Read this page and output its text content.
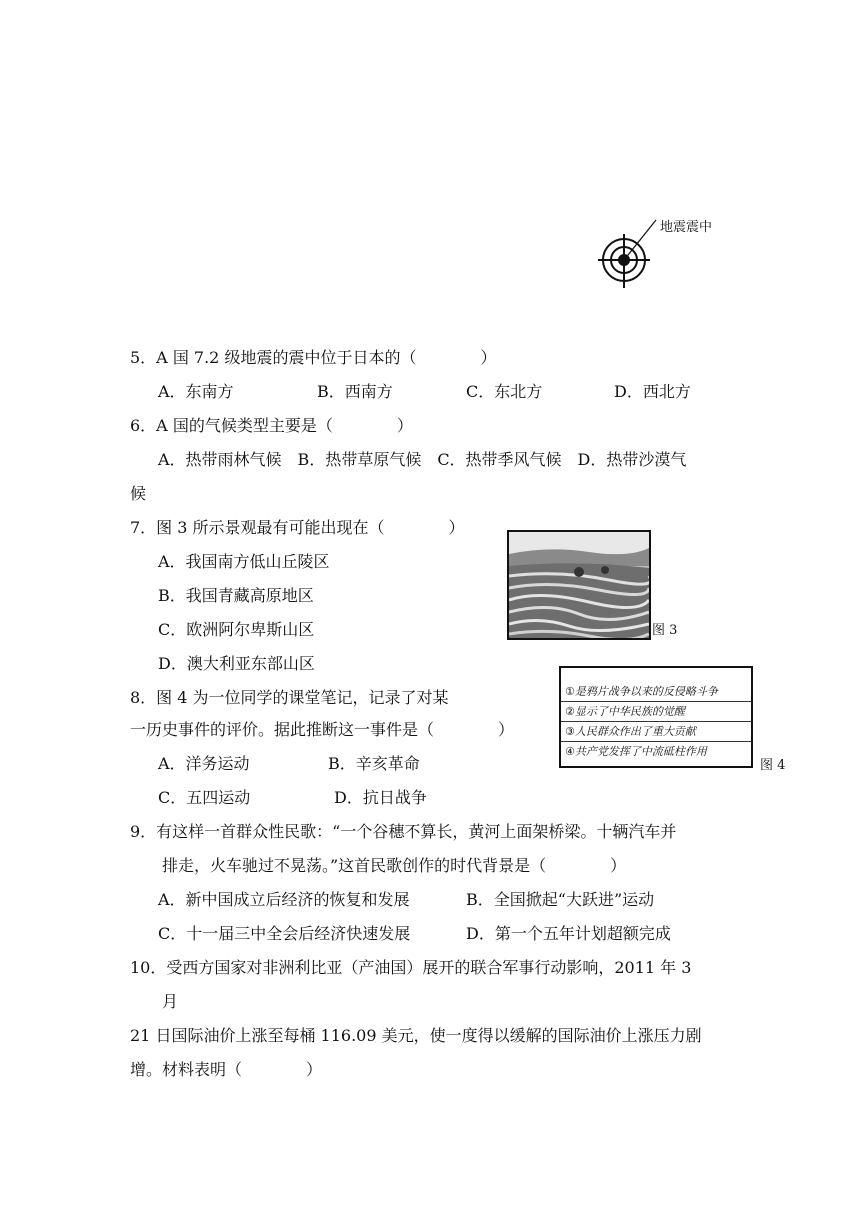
地震震中
5．A 国 7.2 级地震的震中位于日本的（　　　　）
A．东南方	B．西南方	C．东北方	D．西北方
6．A 国的气候类型主要是（　　　　）
A．热带雨林气候　B．热带草原气候　C．热带季风气候　D．热带沙漠气
候
7．图 3 所示景观最有可能出现在（　　　　）
A．我国南方低山丘陵区
B．我国青藏高原地区
C．欧洲阿尔卑斯山区
D．澳大利亚东部山区
图 3
8．图 4 为一位同学的课堂笔记，记录了对某
一历史事件的评价。据此推断这一事件是（　　　　）
A．洋务运动	B．辛亥革命
C．五四运动	D．抗日战争
①是鸦片战争以来的反侵略斗争
②显示了中华民族的觉醒
③人民群众作出了重大贡献
④共产党发挥了中流砥柱作用
图 4
9．有这样一首群众性民歌：“一个谷穗不算长，黄河上面架桥梁。十辆汽车并
排走，火车驰过不晃荡。”这首民歌创作的时代背景是（　　　　）
A．新中国成立后经济的恢复和发展	B．全国掀起“大跃进”运动
C．十一届三中全会后经济快速发展	D．第一个五年计划超额完成
10．受西方国家对非洲利比亚（产油国）展开的联合军事行动影响，2011 年 3
月
21 日国际油价上涨至每桶 116.09 美元，使一度得以缓解的国际油价上涨压力剧
增。材料表明（　　　　）
